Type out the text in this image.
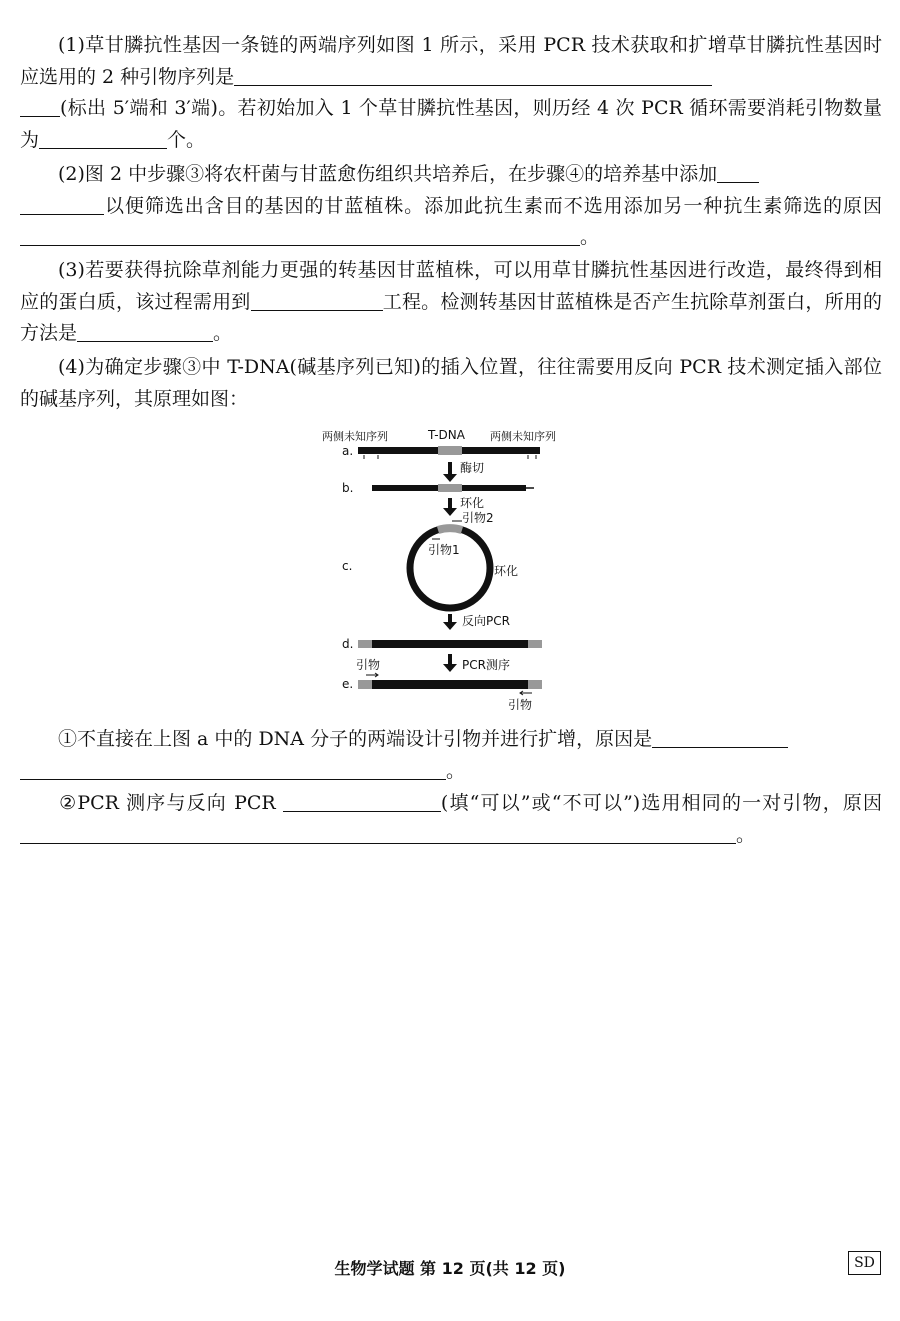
(1)草甘膦抗性基因一条链的两端序列如图 1 所示，采用 PCR 技术获取和扩增草甘膦抗性基因时应选用的 2 种引物序列是
(标出 5′端和 3′端)。若初始加入 1 个草甘膦抗性基因，则历经 4 次 PCR 循环需要消耗引物数量为	个。
(2)图 2 中步骤③将农杆菌与甘蓝愈伤组织共培养后，在步骤④的培养基中添加
以便筛选出含目的基因的甘蓝植株。添加此抗生素而不选用添加另一种抗生素筛选的原因。
(3)若要获得抗除草剂能力更强的转基因甘蓝植株，可以用草甘膦抗性基因进行改造，最终得到相应的蛋白质，该过程需用到	工程。检测转基因甘蓝植株是否产生抗除草剂蛋白，所用的方法是	。
(4)为确定步骤③中 T-DNA(碱基序列已知)的插入位置，往往需要用反向 PCR 技术测定插入部位的碱基序列，其原理如图：
两侧未知序列	T-DNA 两侧未知序列
a.
酶切
b.
环化
引物2
c.
引物1
环化
反向PCR
d.
PCR测序
引物
e.
引物
①不直接在上图 a 中的 DNA 分子的两端设计引物并进行扩增，原因是
。
②PCR 测序与反向 PCR	(填“可以”或“不可以”)选用相同的一对引物，原因。
生物学试题 第 12 页(共 12 页)	SD
